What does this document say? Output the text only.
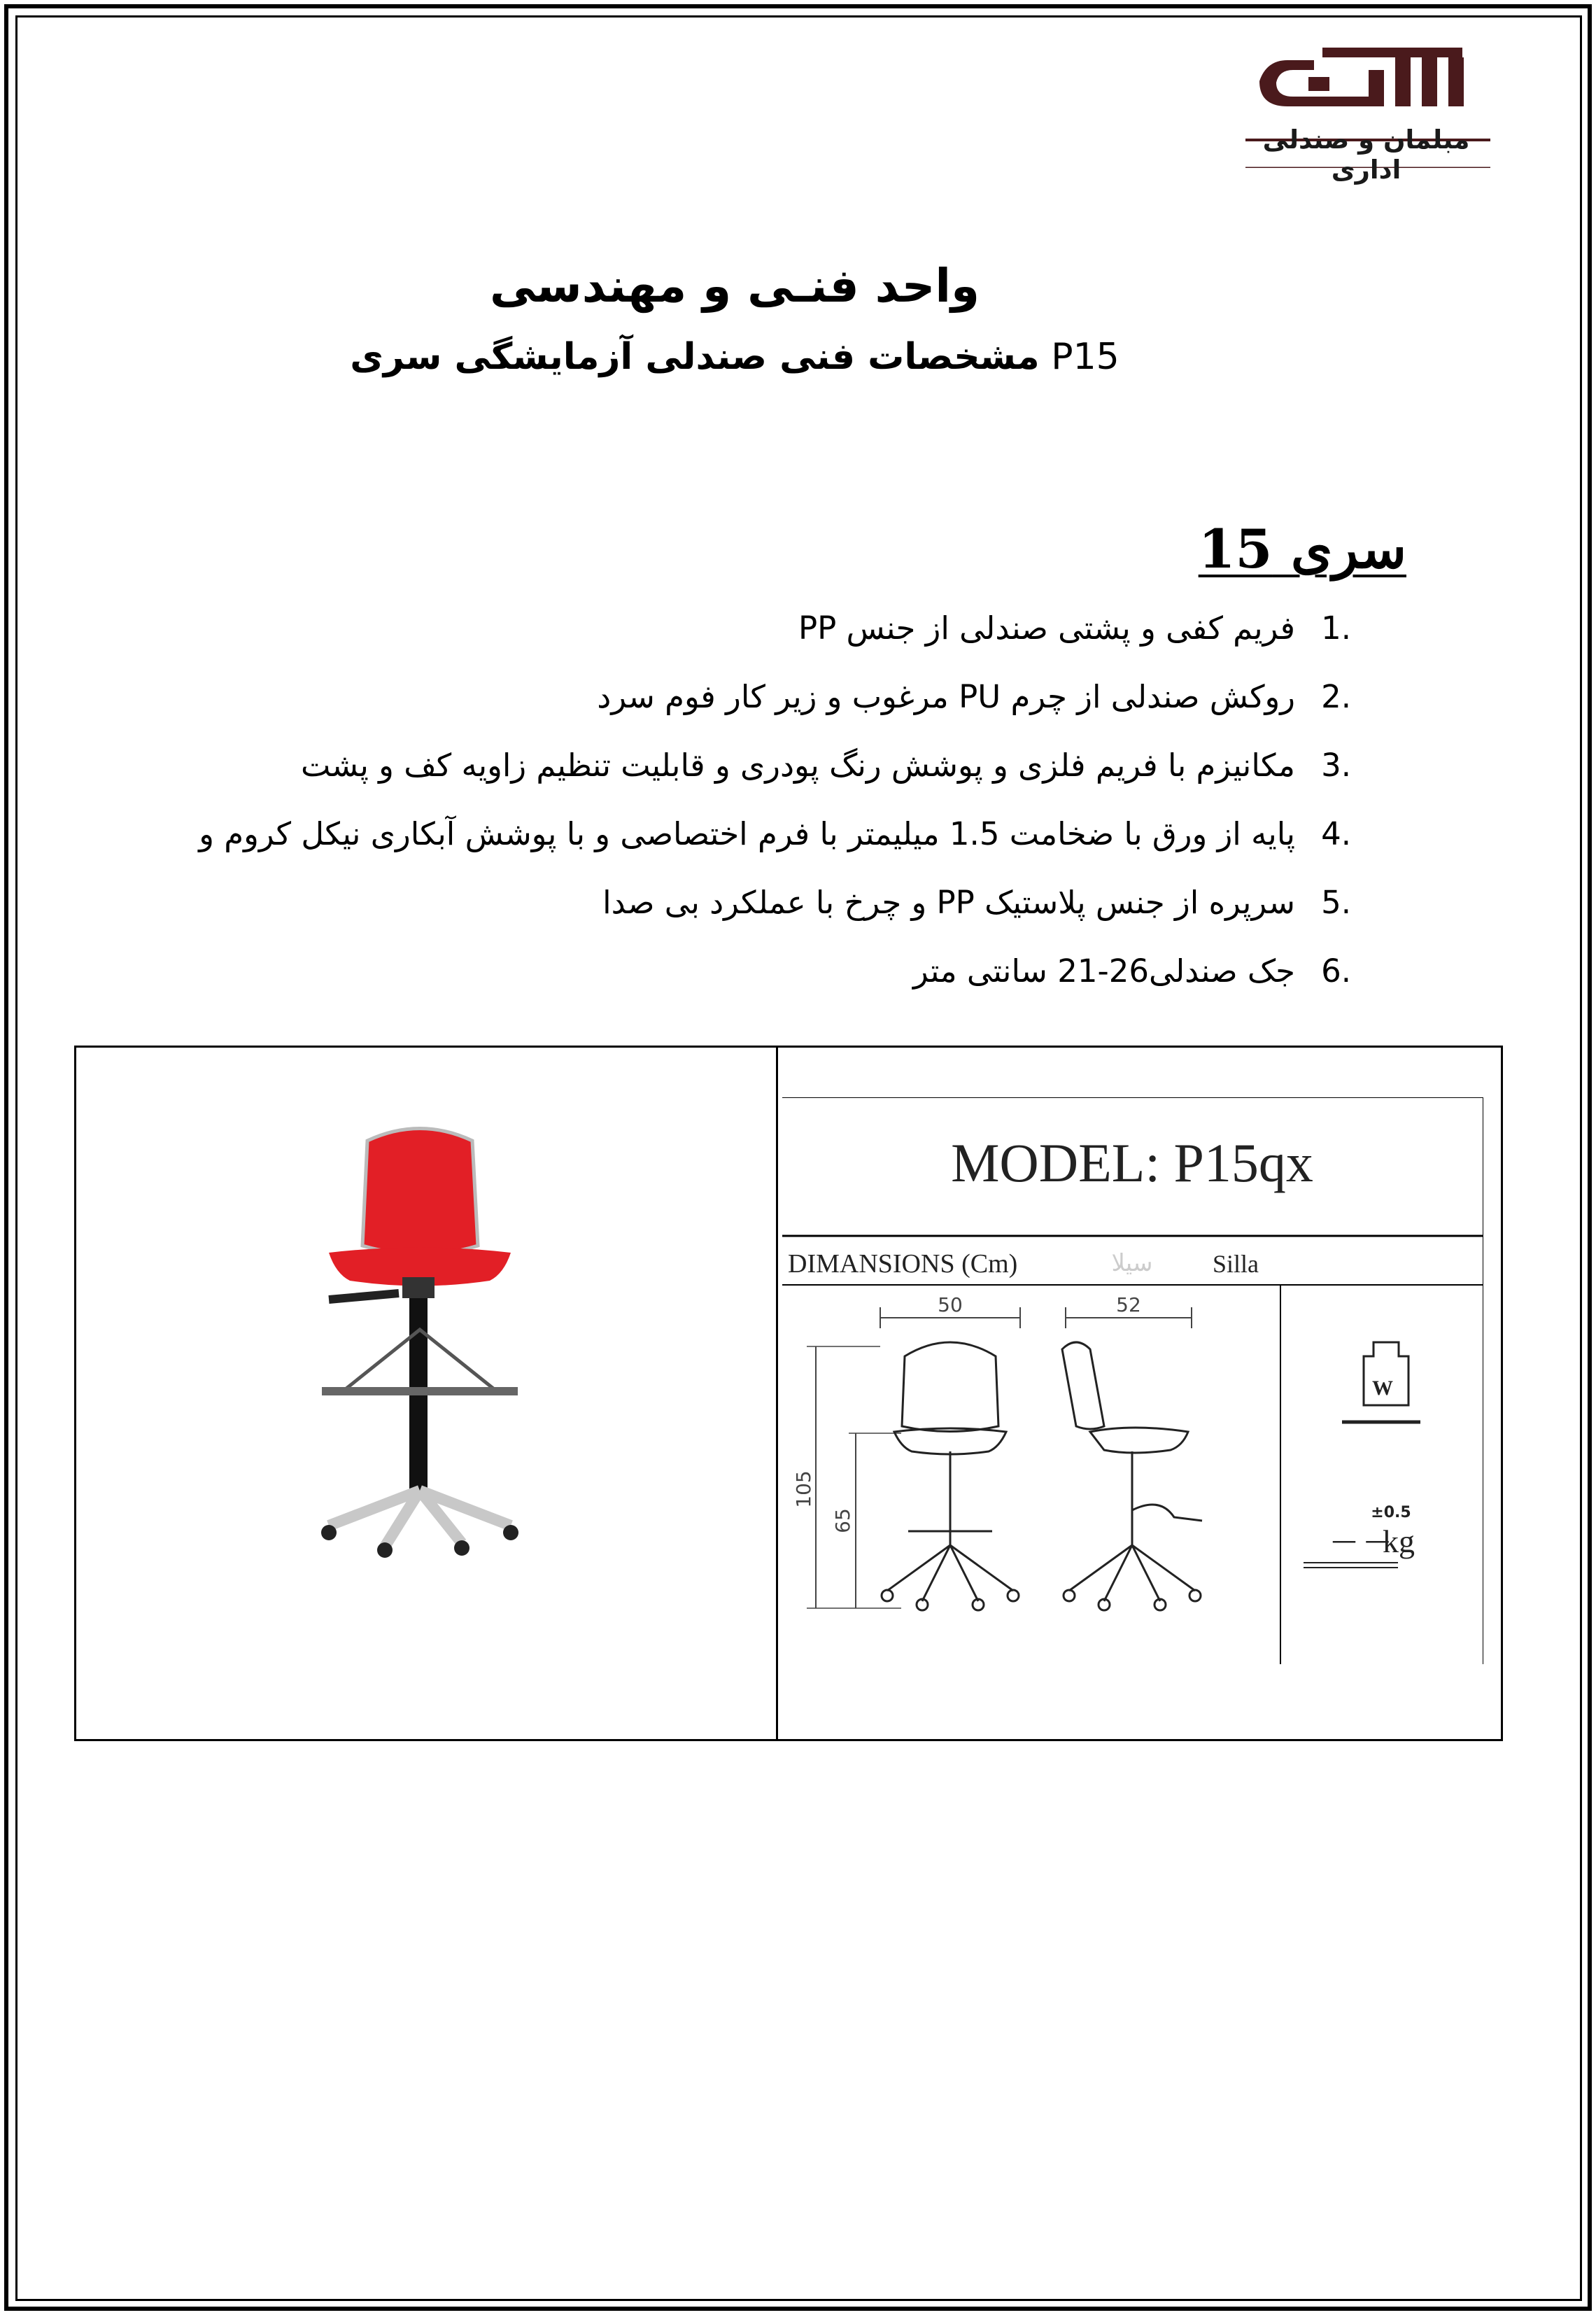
مبلمان و صندلی اداری
واحد فنـی و مهندسی
مشخصات فنی صندلی آزمایشگی سری P15
سری 15
1.فریم کفی و پشتی صندلی از جنس PP
2.روکش صندلی از چرم PU مرغوب و زیر کار فوم سرد
3.مکانیزم با فریم فلزی و پوشش رنگ پودری و قابلیت تنظیم زاویه کف و پشت
4.پایه از ورق با ضخامت 1.5 میلیمتر با فرم اختصاصی و با پوشش آبکاری نیکل کروم و
5.سرپره از جنس پلاستیک PP و چرخ با عملکرد بی صدا
6.جک صندلی26-21 سانتی متر
MODEL: P15qx
DIMANSIONS (Cm)	سیلا Silla
50	52
105
65
W
±0.5
— —
kg
